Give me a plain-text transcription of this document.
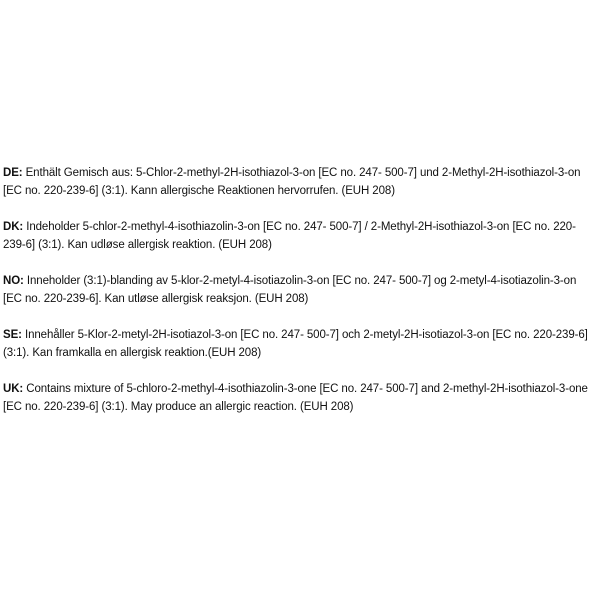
DE: Enthält Gemisch aus: 5-Chlor-2-methyl-2H-isothiazol-3-on [EC no. 247- 500-7] und 2-Methyl-2H-isothiazol-3-on [EC no. 220-239-6] (3:1). Kann allergische Reaktionen hervorrufen. (EUH 208)

DK: Indeholder 5-chlor-2-methyl-4-isothiazolin-3-on [EC no. 247- 500-7] / 2-Methyl-2H-isothiazol-3-on [EC no. 220-239-6] (3:1). Kan udløse allergisk reaktion. (EUH 208)

NO: Inneholder (3:1)-blanding av 5-klor-2-metyl-4-isotiazolin-3-on [EC no. 247- 500-7] og 2-metyl-4-isotiazolin-3-on [EC no. 220-239-6]. Kan utløse allergisk reaksjon. (EUH 208)

SE: Innehåller 5-Klor-2-metyl-2H-isotiazol-3-on [EC no. 247- 500-7] och 2-metyl-2H-isotiazol-3-on [EC no. 220-239-6] (3:1). Kan framkalla en allergisk reaktion.(EUH 208)

UK: Contains mixture of 5-chloro-2-methyl-4-isothiazolin-3-one [EC no. 247- 500-7] and 2-methyl-2H-isothiazol-3-one [EC no. 220-239-6] (3:1). May produce an allergic reaction. (EUH 208)
